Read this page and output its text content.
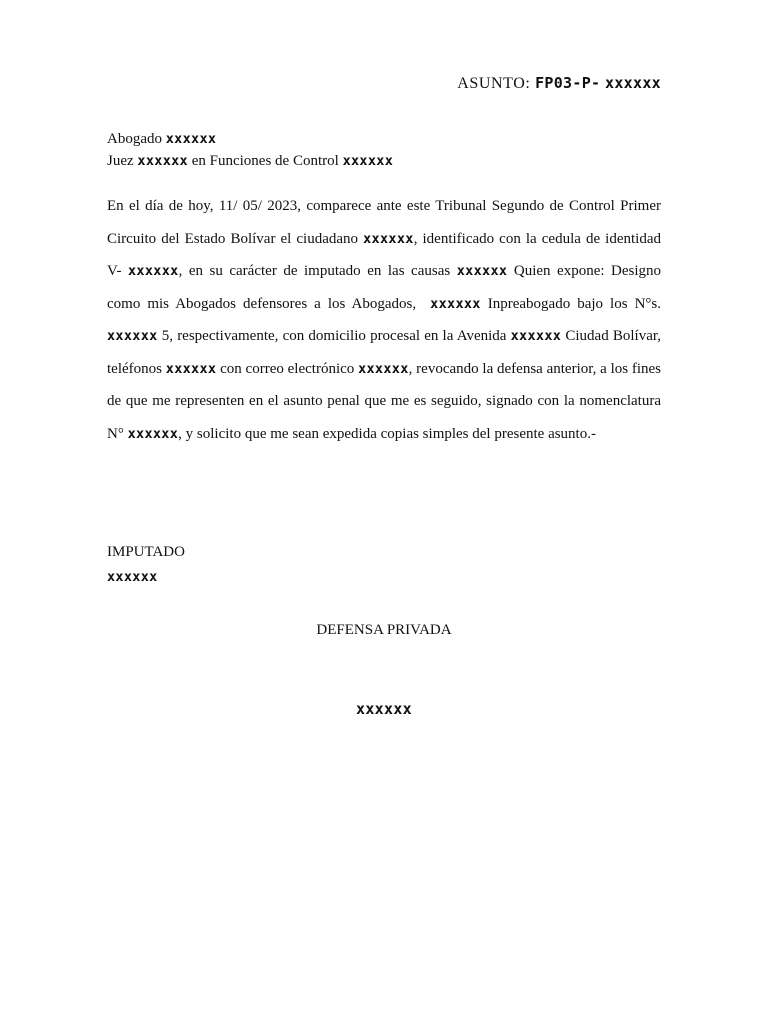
ASUNTO: FP03-P- xxxxxx
Abogado xxxxxx
Juez xxxxxx en Funciones de Control xxxxxx
En el día de hoy, 11/ 05/ 2023, comparece ante este Tribunal Segundo de Control Primer Circuito del Estado Bolívar el ciudadano xxxxxx, identificado con la cedula de identidad V- xxxxxx, en su carácter de imputado en las causas xxxxxx Quien expone: Designo como mis Abogados defensores a los Abogados, xxxxxx Inpreabogado bajo los N°s. xxxxxx 5, respectivamente, con domicilio procesal en la Avenida xxxxxx Ciudad Bolívar, teléfonos xxxxxx con correo electrónico xxxxxx, revocando la defensa anterior, a los fines de que me representen en el asunto penal que me es seguido, signado con la nomenclatura N° xxxxxx, y solicito que me sean expedida copias simples del presente asunto.-
IMPUTADO
xxxxxx
DEFENSA PRIVADA
xxxxxx
